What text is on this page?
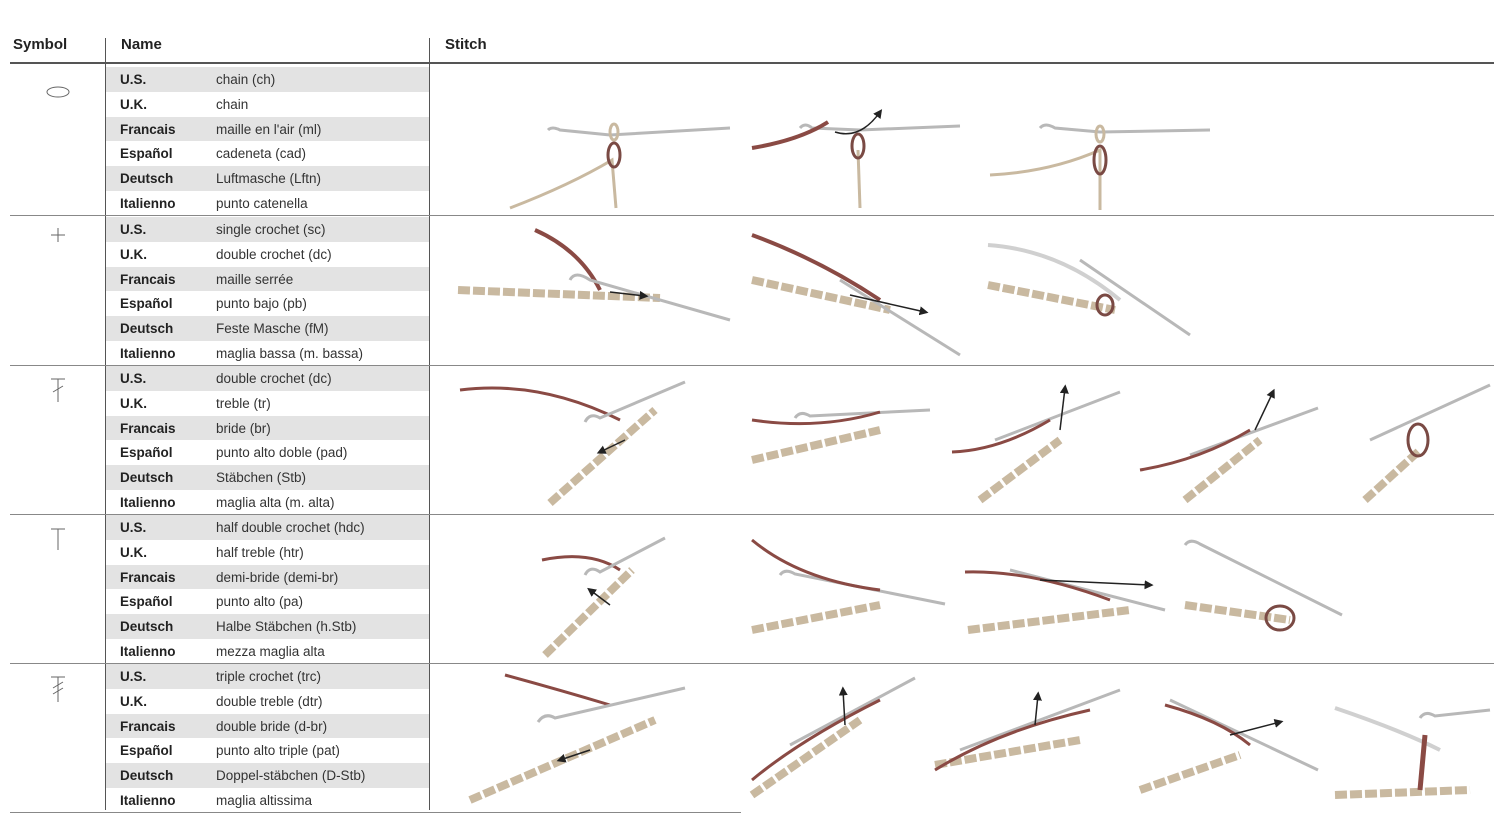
Symbol	Name	Stitch
U.S.	chain (ch)
U.K.	chain
Francais	maille en l'air (ml)
Español	cadeneta (cad)
Deutsch	Luftmasche (Lftn)
Italienno	punto catenella
U.S.	single crochet (sc)
U.K.	double crochet (dc)
Francais	maille serrée
Español	punto bajo (pb)
Deutsch	Feste Masche (fM)
Italienno	maglia bassa (m. bassa)
U.S.	double crochet (dc)
U.K.	treble (tr)
Francais	bride (br)
Español	punto alto doble (pad)
Deutsch	Stäbchen (Stb)
Italienno	maglia alta (m. alta)
U.S.	half double crochet (hdc)
U.K.	half treble (htr)
Francais	demi-bride (demi-br)
Español	punto alto (pa)
Deutsch	Halbe Stäbchen (h.Stb)
Italienno	mezza maglia alta
U.S.	triple crochet (trc)
U.K.	double treble (dtr)
Francais	double bride (d-br)
Español	punto alto triple (pat)
Deutsch	Doppel-stäbchen (D-Stb)
Italienno	maglia altissima
